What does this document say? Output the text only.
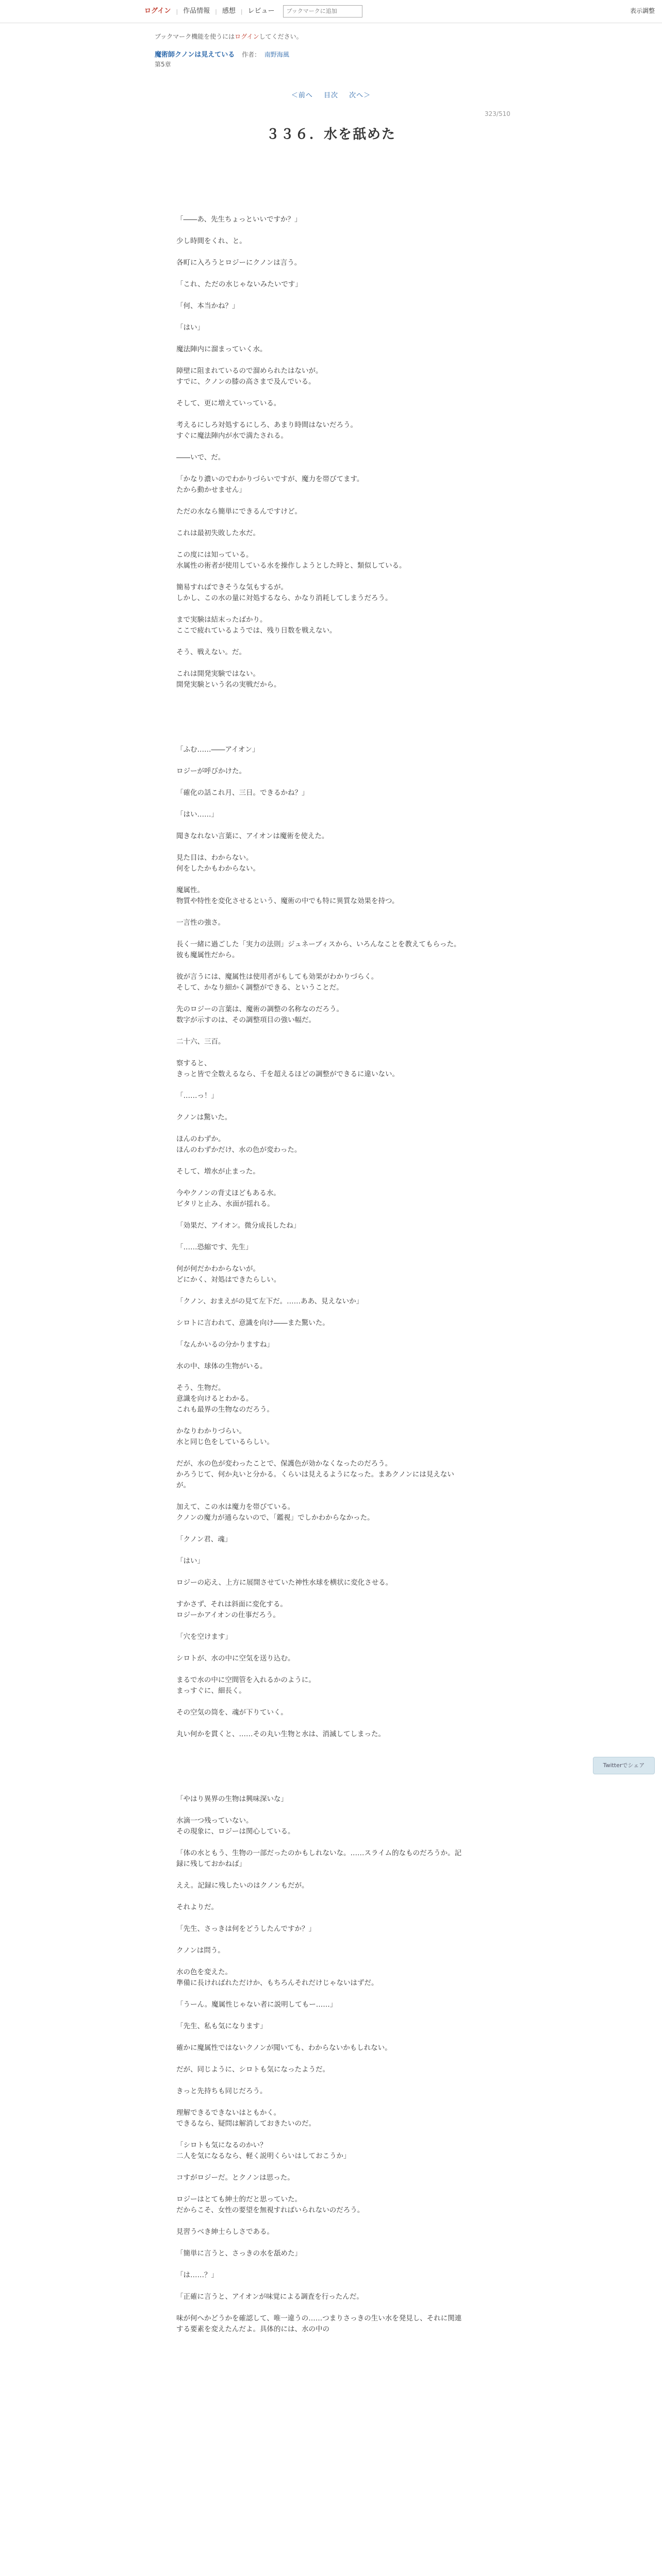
ログイン | 作品情報 | 感想 | レビュー
ブックマークに追加	表示調整
ブックマーク機能を使うにはログインしてください。
魔術師クノンは見えている 作者： 南野海風
第5章
＜前へ 目次 次へ＞
323/510
３３６．水を舐めた

「――あ、先生ちょっといいですか？」

少し時間をくれ、と。

各町に入ろうとロジーにクノンは言う。

「これ、ただの水じゃないみたいです」

「何、本当かね？」

「はい」

魔法陣内に溜まっていく水。

障壁に阻まれているので溜められたはないが。

すでに、クノンの膝の高さまで及んでいる。

そして、更に増えていっている。

考えるにしろ対処するにしろ、あまり時間はないだろう。

すぐに魔法陣内が水で満たされる。

――いで、だ。

「かなり濃いのでわかりづらいですが、魔力を帯びてます。

たから動かせません」

ただの水なら簡単にできるんですけど。

これは最初失敗した水だ。

この度には知っている。

水属性の術者が使用している水を操作しようとした時と、類似している。

簡易すればできそうな気もするが。

しかし、この水の量に対処するなら、かなり消耗してしまうだろう。

まで実験は結末ったばかり。

ここで疲れているようでは、残り日数を戦えない。

そう、戦えない。だ。

これは開発実験ではない。

開発実験という名の実戦だから。

「ふむ……――アイオン」

ロジーが呼びかけた。

「確化の話これ月、三日。できるかね？」

「はい……」

聞きなれない言葉に、アイオンは魔術を使えた。

見た目は、わからない。

何をしたかもわからない。

魔属性。

物質や特性を変化させるという、魔術の中でも特に異質な効果を持つ。

一言性の強さ。

長く一緒に過ごした「実力の法則」ジュネーブィスから、いろんなことを教えてもらった。

彼も魔属性だから。

彼が言うには、魔属性は使用者がもしても効果がわかりづらく。

そして、かなり細かく調整ができる、ということだ。

先のロジーの言葉は、魔術の調整の名称なのだろう。

数字が示すのは、その調整項目の強い幅だ。

二十六、三百。

察すると、

きっと皆で全数えるなら、千を超えるほどの調整ができるに違いない。

「……っ！」

クノンは驚いた。

ほんのわずか。

ほんのわずかだけ、水の色が変わった。

そして、増水が止まった。

今やクノンの背丈ほどもある水。

ピタリと止み、水面が揺れる。

「効果だ、アイオン。微分成長したね」

「……恐縮です、先生」

何が何だかわからないが。

どにかく、対処はできたらしい。

「クノン、おまえがの見て左下だ。……ああ、見えないか」

シロトに言われて、意識を向け――また驚いた。

「なんかいるの分かりますね」

水の中、球体の生物がいる。

そう、生物だ。

意識を向けるとわかる。

これも最界の生物なのだろう。

かなりわかりづらい。

水と同じ色をしているらしい。

だが、水の色が変わったことで、保護色が効かなくなったのだろう。

かろうじて、何か丸いと分かる。くらいは見えるようになった。まあクノンには見えないが。

加えて、この水は魔力を帯びている。

クノンの魔力が通らないので、「鑑視」でしかわからなかった。

「クノン君、魂」

「はい」

ロジーの応え、上方に展開させていた神性水球を横状に変化させる。

すかさず、それは斜面に変化する。

ロジーかアイオンの仕事だろう。

「穴を空けます」

シロトが、水の中に空気を送り込む。

まるで水の中に空間管を入れるかのように。

まっすぐに、細長く。

その空気の筒を、魂が下りていく。

丸い何かを貫くと、……その丸い生物と水は、消滅してしまった。

「やはり異界の生物は興味深いな」

水滴一つ残っていない。

その現象に、ロジーは関心している。

「体の水ともう、生物の一部だったのかもしれないな。……スライム的なものだろうか。記録に残しておかねば」

ええ。記録に残したいのはクノンもだが。

それよりだ。

「先生、さっきは何をどうしたんですか？」

クノンは問う。

水の色を変えた。

準備に長ければれただけか、もちろんそれだけじゃないはずだ。

「うーん。魔属性じゃない者に説明してもー……」

「先生、私も気になります」

確かに魔属性ではないクノンが聞いても、わからないかもしれない。

だが、同じように、シロトも気になったようだ。

きっと先持ちも同じだろう。

理解できるできないはともかく。

できるなら、疑問は解消しておきたいのだ。

「シロトも気になるのかい？

二人を気になるなら、軽く説明くらいはしておこうか」

コすがロジーだ。とクノンは思った。

ロジーはとても紳士的だと思っていた。

だからこそ、女性の要望を無視すればいられないのだろう。

見習うべき紳士らしさである。

「簡単に言うと、さっきの水を舐めた」

「は……？」

「正確に言うと、アイオンが味覚による調査を行ったんだ。

味が何へかどうかを確認して、唯一違うの……つまりさっきの生い水を発見し、それに関連する要素を変えたんだよ。具体的には、水の中の

Twitterでシェア
